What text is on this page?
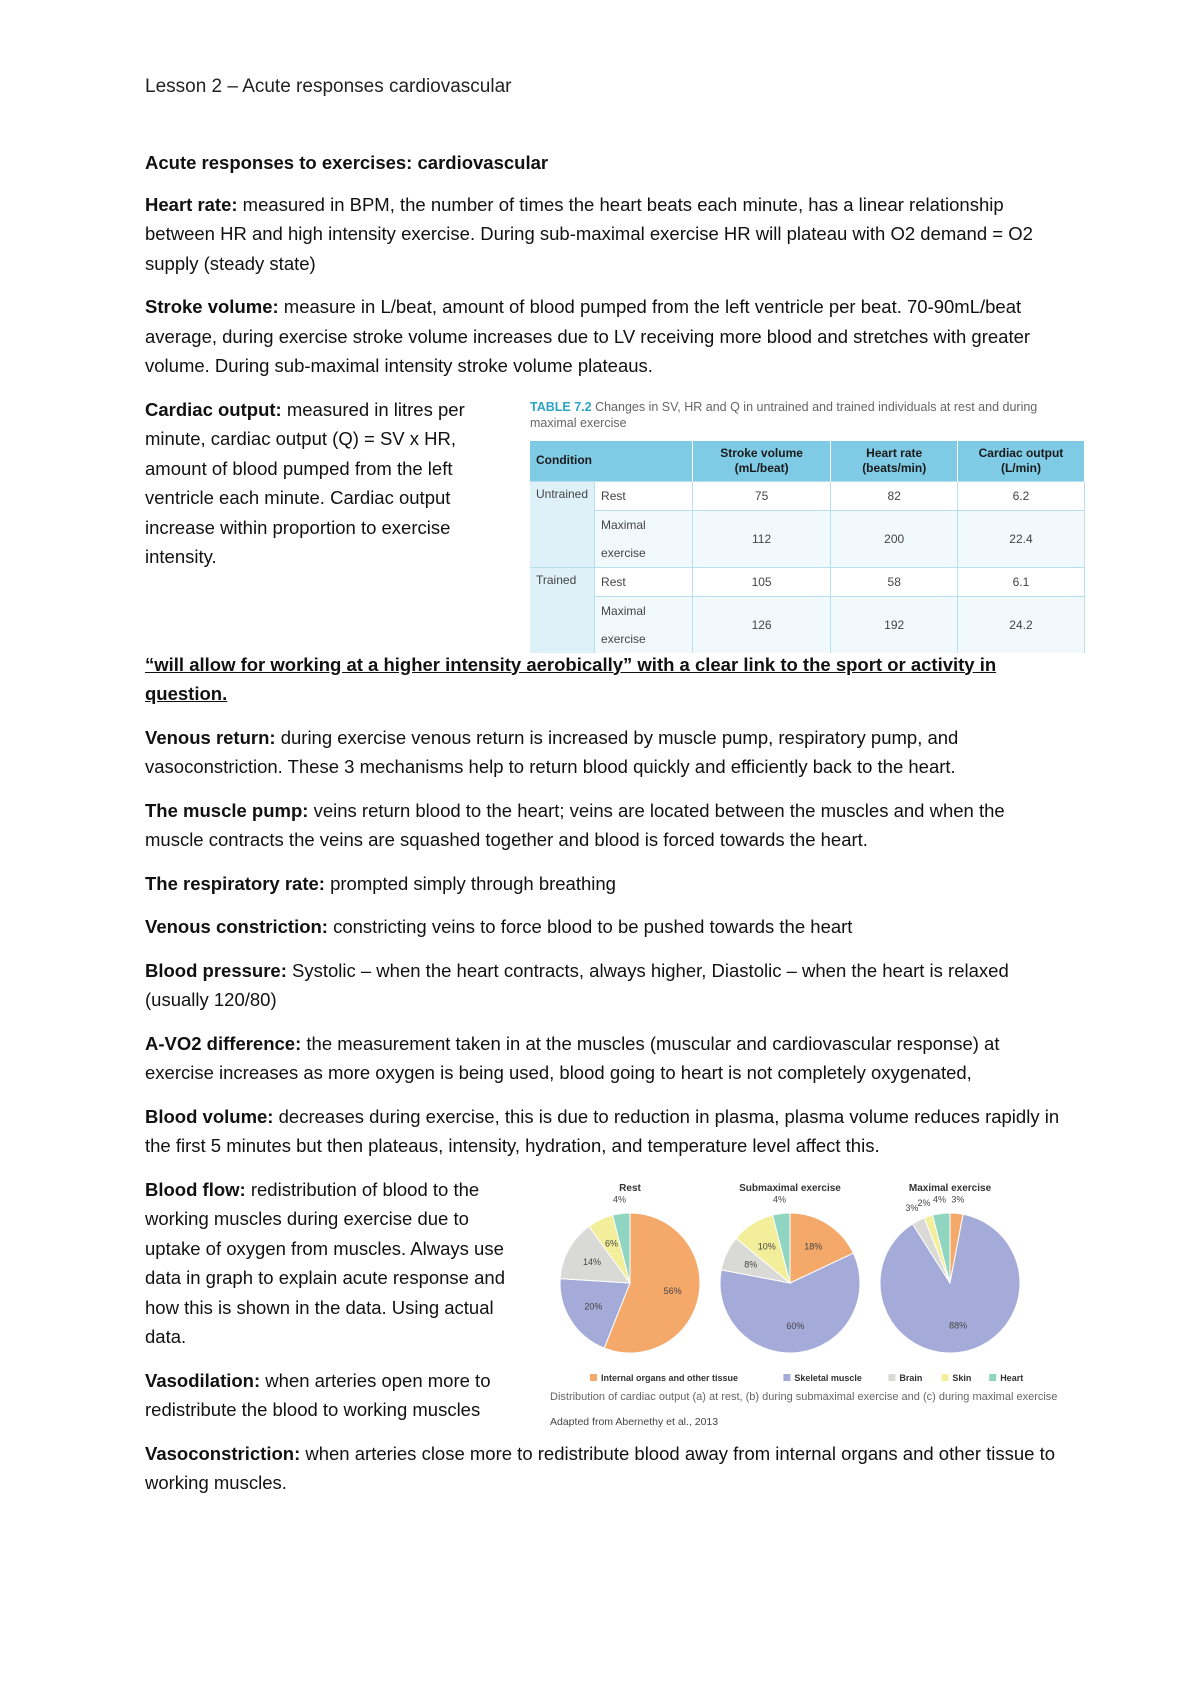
Lesson 2 – Acute responses cardiovascular

Acute responses to exercises: cardiovascular

Heart rate: measured in BPM, the number of times the heart beats each minute, has a linear relationship between HR and high intensity exercise. During sub-maximal exercise HR will plateau with O2 demand = O2 supply (steady state)

Stroke volume: measure in L/beat, amount of blood pumped from the left ventricle per beat. 70-90mL/beat average, during exercise stroke volume increases due to LV receiving more blood and stretches with greater volume. During sub-maximal intensity stroke volume plateaus.

Cardiac output: measured in litres per minute, cardiac output (Q) = SV x HR, amount of blood pumped from the left ventricle each minute. Cardiac output increase within proportion to exercise intensity.

TABLE 7.2 Changes in SV, HR and Q in untrained and trained individuals at rest and during maximal exercise
Condition		Stroke volume (mL/beat)	Heart rate (beats/min)	Cardiac output (L/min)
Untrained	Rest	75	82	6.2
	Maximal exercise	112	200	22.4
Trained	Rest	105	58	6.1
	Maximal exercise	126	192	24.2

“will allow for working at a higher intensity aerobically” with a clear link to the sport or activity in question.

Venous return: during exercise venous return is increased by muscle pump, respiratory pump, and vasoconstriction. These 3 mechanisms help to return blood quickly and efficiently back to the heart.

The muscle pump: veins return blood to the heart; veins are located between the muscles and when the muscle contracts the veins are squashed together and blood is forced towards the heart.

The respiratory rate: prompted simply through breathing

Venous constriction: constricting veins to force blood to be pushed towards the heart

Blood pressure: Systolic – when the heart contracts, always higher, Diastolic – when the heart is relaxed (usually 120/80)

A-VO2 difference: the measurement taken in at the muscles (muscular and cardiovascular response) at exercise increases as more oxygen is being used, blood going to heart is not completely oxygenated,

Blood volume: decreases during exercise, this is due to reduction in plasma, plasma volume reduces rapidly in the first 5 minutes but then plateaus, intensity, hydration, and temperature level affect this.

Blood flow: redistribution of blood to the working muscles during exercise due to uptake of oxygen from muscles. Always use data in graph to explain acute response and how this is shown in the data. Using actual data.

Vasodilation: when arteries open more to redistribute the blood to working muscles

Rest
56%
20%
14%
6%
4%
Submaximal exercise
18%
60%
8%
10%
4%
Maximal exercise
3%
88%
3%
2% 4%
Internal organs and other tissue	Skeletal muscle	Brain	Skin	Heart
Distribution of cardiac output (a) at rest, (b) during submaximal exercise and (c) during maximal exercise
Adapted from Abernethy et al., 2013

Vasoconstriction: when arteries close more to redistribute blood away from internal organs and other tissue to working muscles.
